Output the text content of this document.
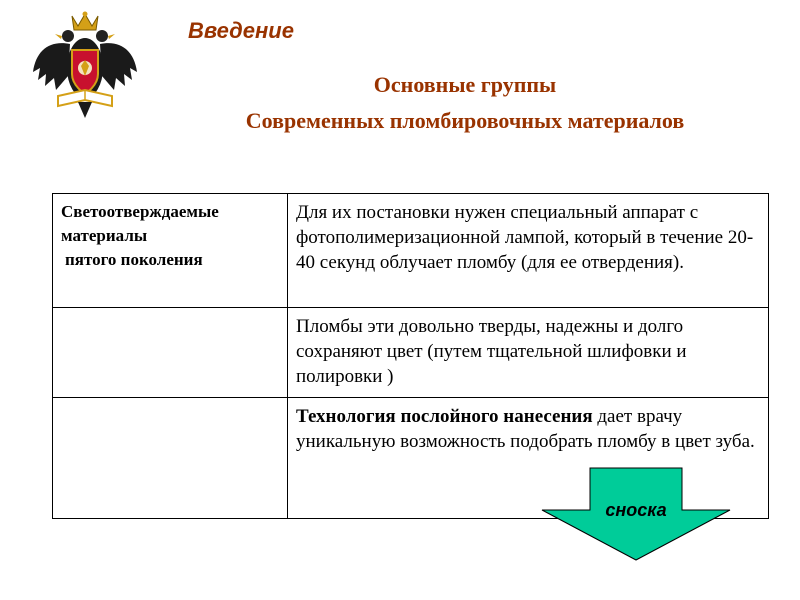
Введение
Основные группы
Современных пломбировочных материалов
Светоотверждаемые материалы
пятого поколения	Для их постановки нужен специальный аппарат с фотополимеризационной лампой, который в течение 20-40 секунд облучает пломбу (для ее отвердения).

	Пломбы эти довольно тверды, надежны и долго сохраняют цвет (путем тщательной шлифовки и полировки )

	Технология послойного нанесения дает врачу уникальную возможность подобрать пломбу в цвет зуба.
сноска
